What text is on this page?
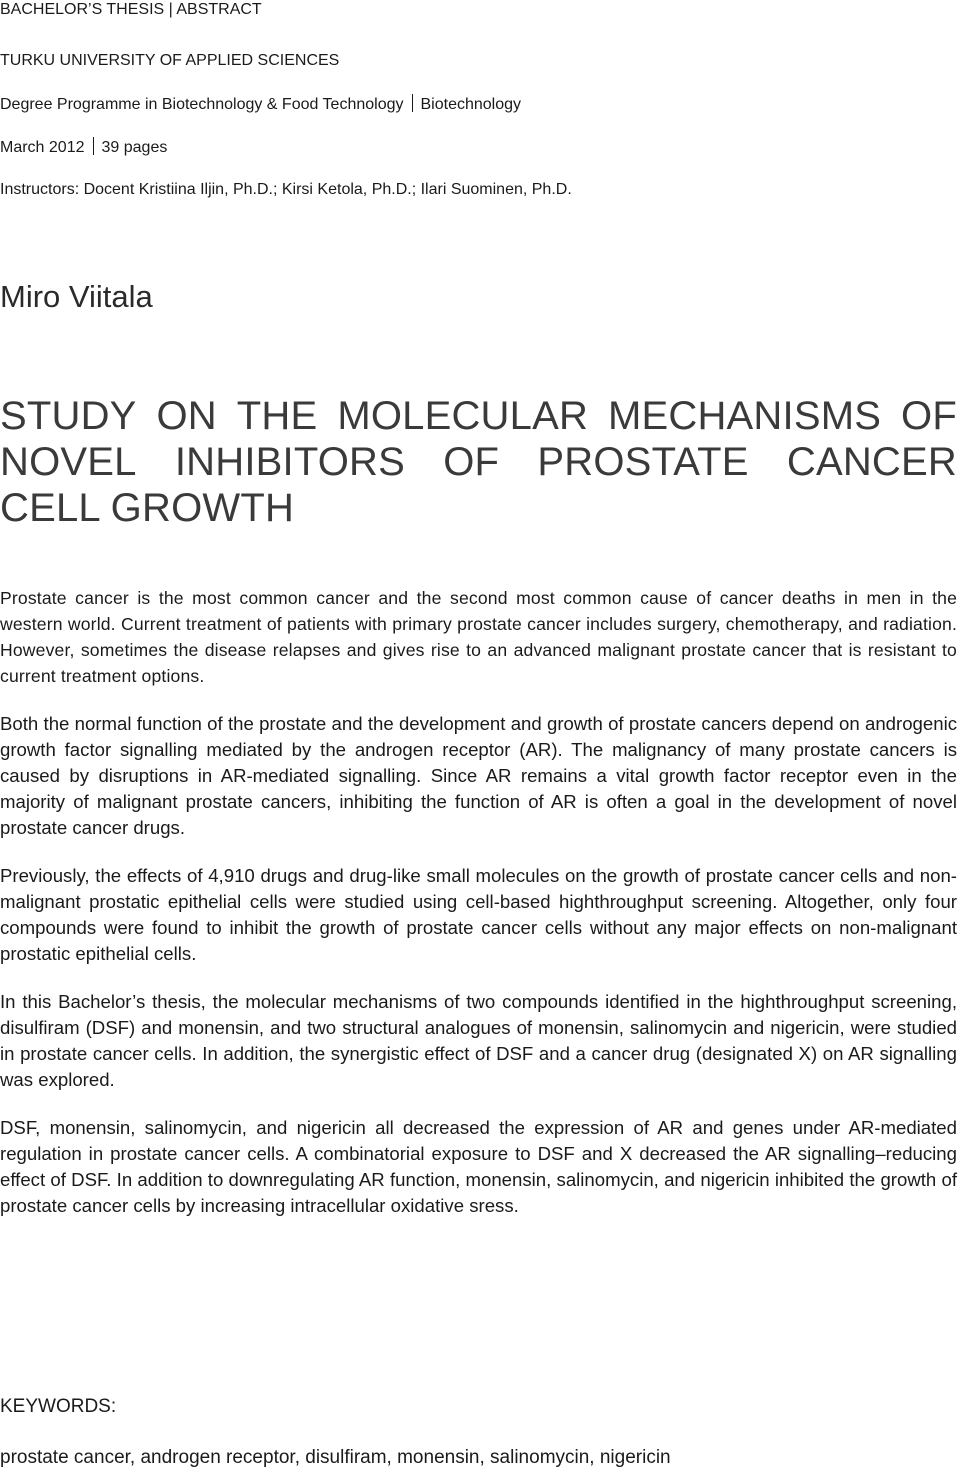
BACHELOR’S THESIS | ABSTRACT
TURKU UNIVERSITY OF APPLIED SCIENCES
Degree Programme in Biotechnology & Food Technology Biotechnology
March 2012 39 pages
Instructors: Docent Kristiina Iljin, Ph.D.; Kirsi Ketola, Ph.D.; Ilari Suominen, Ph.D.
Miro Viitala
STUDY ON THE MOLECULAR MECHANISMS OF
NOVEL INHIBITORS OF PROSTATE CANCER
CELL GROWTH

Prostate cancer is the most common cancer and the second most common cause of cancer deaths in men in the western world. Current treatment of patients with primary prostate cancer includes surgery, chemotherapy, and radiation. However, sometimes the disease relapses and gives rise to an advanced malignant prostate cancer that is resistant to current treatment options.

Both the normal function of the prostate and the development and growth of prostate cancers depend on androgenic growth factor signalling mediated by the androgen receptor (AR). The malignancy of many prostate cancers is caused by disruptions in AR-mediated signalling. Since AR remains a vital growth factor receptor even in the majority of malignant prostate cancers, inhibiting the function of AR is often a goal in the development of novel prostate cancer drugs.

Previously, the effects of 4,910 drugs and drug-like small molecules on the growth of prostate cancer cells and non-malignant prostatic epithelial cells were studied using cell-based highthroughput screening. Altogether, only four compounds were found to inhibit the growth of prostate cancer cells without any major effects on non-malignant prostatic epithelial cells.

In this Bachelor’s thesis, the molecular mechanisms of two compounds identified in the highthroughput screening, disulfiram (DSF) and monensin, and two structural analogues of monensin, salinomycin and nigericin, were studied in prostate cancer cells. In addition, the synergistic effect of DSF and a cancer drug (designated X) on AR signalling was explored.

DSF, monensin, salinomycin, and nigericin all decreased the expression of AR and genes under AR-mediated regulation in prostate cancer cells. A combinatorial exposure to DSF and X decreased the AR signalling–reducing effect of DSF. In addition to downregulating AR function, monensin, salinomycin, and nigericin inhibited the growth of prostate cancer cells by increasing intracellular oxidative sress.

KEYWORDS:
prostate cancer, androgen receptor, disulfiram, monensin, salinomycin, nigericin
